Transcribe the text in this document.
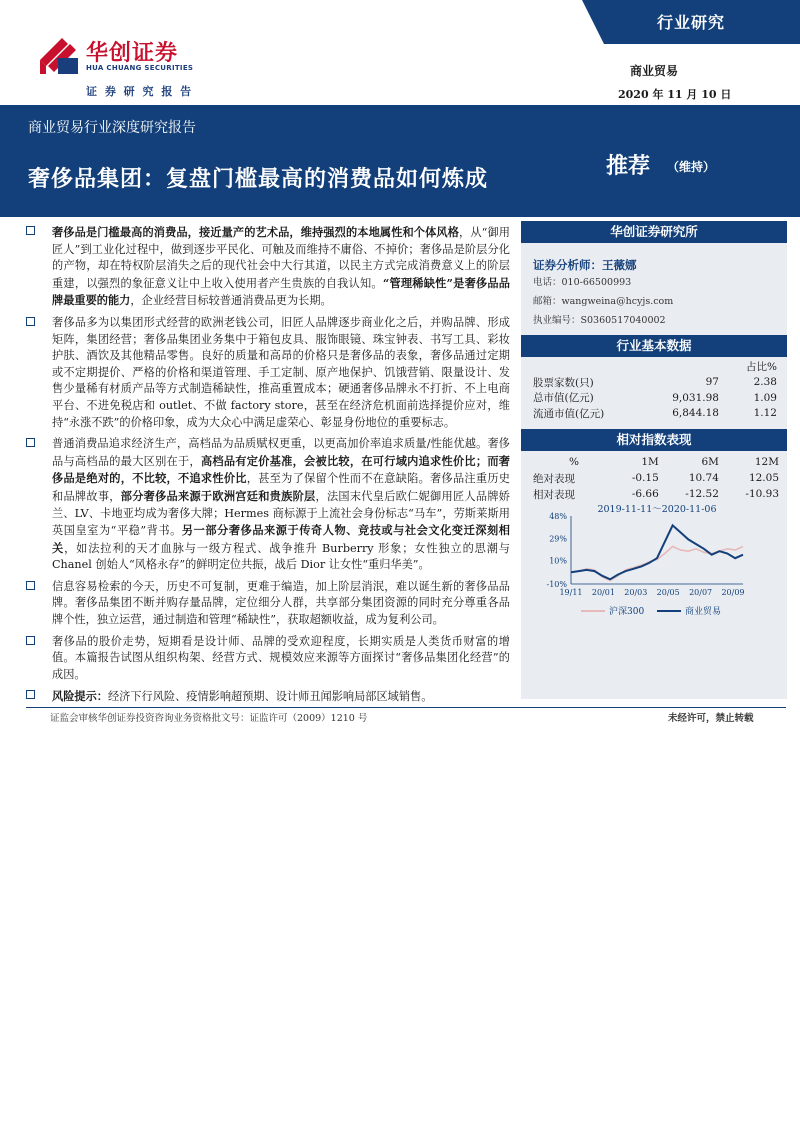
行业研究
华创证券
HUA CHUANG SECURITIES
证 券 研 究 报 告
商业贸易
2020 年 11 月 10 日
商业贸易行业深度研究报告
奢侈品集团：复盘门槛最高的消费品如何炼成	推荐 （维持）
奢侈品是门槛最高的消费品，接近量产的艺术品，维持强烈的本地属性和个体风格，从“御用匠人”到工业化过程中，做到逐步平民化、可触及而维持不庸俗、不掉价；奢侈品是阶层分化的产物，却在特权阶层消失之后的现代社会中大行其道，以民主方式完成消费意义上的阶层重建，以强烈的象征意义让中上收入使用者产生贵族的自我认知。“管理稀缺性”是奢侈品品牌最重要的能力，企业经营目标较普通消费品更为长期。
奢侈品多为以集团形式经营的欧洲老钱公司，旧匠人品牌逐步商业化之后，并购品牌、形成矩阵，集团经营；奢侈品集团业务集中于箱包皮具、服饰眼镜、珠宝钟表、书写工具、彩妆护肤、酒饮及其他精品零售。良好的质量和高昂的价格只是奢侈品的表象，奢侈品通过定期或不定期提价、严格的价格和渠道管理、手工定制、原产地保护、饥饿营销、限量设计、发售少量稀有材质产品等方式制造稀缺性，推高重置成本；硬通奢侈品牌永不打折、不上电商平台、不进免税店和 outlet、不做 factory store，甚至在经济危机面前选择提价应对，维持“永涨不跌”的价格印象，成为大众心中满足虚荣心、彰显身份地位的重要标志。
普通消费品追求经济生产，高档品为品质赋权更重，以更高加价率追求质量/性能优越。奢侈品与高档品的最大区别在于，高档品有定价基准，会被比较，在可行域内追求性价比；而奢侈品是绝对的，不比较，不追求性价比，甚至为了保留个性而不在意缺陷。奢侈品注重历史和品牌故事，部分奢侈品来源于欧洲宫廷和贵族阶层，法国末代皇后欧仁妮御用匠人品牌娇兰、LV、卡地亚均成为奢侈大牌；Hermes 商标源于上流社会身份标志“马车”，劳斯莱斯用英国皇室为“平稳”背书。另一部分奢侈品来源于传奇人物、竞技或与社会文化变迁深刻相关，如法拉利的天才血脉与一级方程式、战争推升 Burberry 形象；女性独立的思潮与 Chanel 创始人“风格永存”的鲜明定位共振，战后 Dior 让女性“重归华美”。
信息容易检索的今天，历史不可复制，更难于编造，加上阶层消泯，难以诞生新的奢侈品品牌。奢侈品集团不断并购存量品牌，定位细分人群，共享部分集团资源的同时充分尊重各品牌个性，独立运营，通过制造和管理“稀缺性”，获取超额收益，成为复利公司。
奢侈品的股价走势，短期看是设计师、品牌的受欢迎程度，长期实质是人类货币财富的增值。本篇报告试图从组织构架、经营方式、规模效应来源等方面探讨“奢侈品集团化经营”的成因。
风险提示：经济下行风险、疫情影响超预期、设计师丑闻影响局部区域销售。
华创证券研究所
证券分析师：王薇娜
电话：010-66500993
邮箱：wangweina@hcyjs.com
执业编号：S0360517040002
行业基本数据
		占比%
股票家数(只)	97	2.38
总市值(亿元)	9,031.98	1.09
流通市值(亿元)	6,844.18	1.12
相对指数表现
%	1M	6M	12M
绝对表现	-0.15	10.74	12.05
相对表现	-6.66	-12.52	-10.93
2019-11-11～2020-11-06
48%
29%
10%
-10%
19/11 20/01 20/03 20/05 20/07 20/09
沪深300	商业贸易
证监会审核华创证券投资咨询业务资格批文号：证监许可（2009）1210 号	未经许可，禁止转载
